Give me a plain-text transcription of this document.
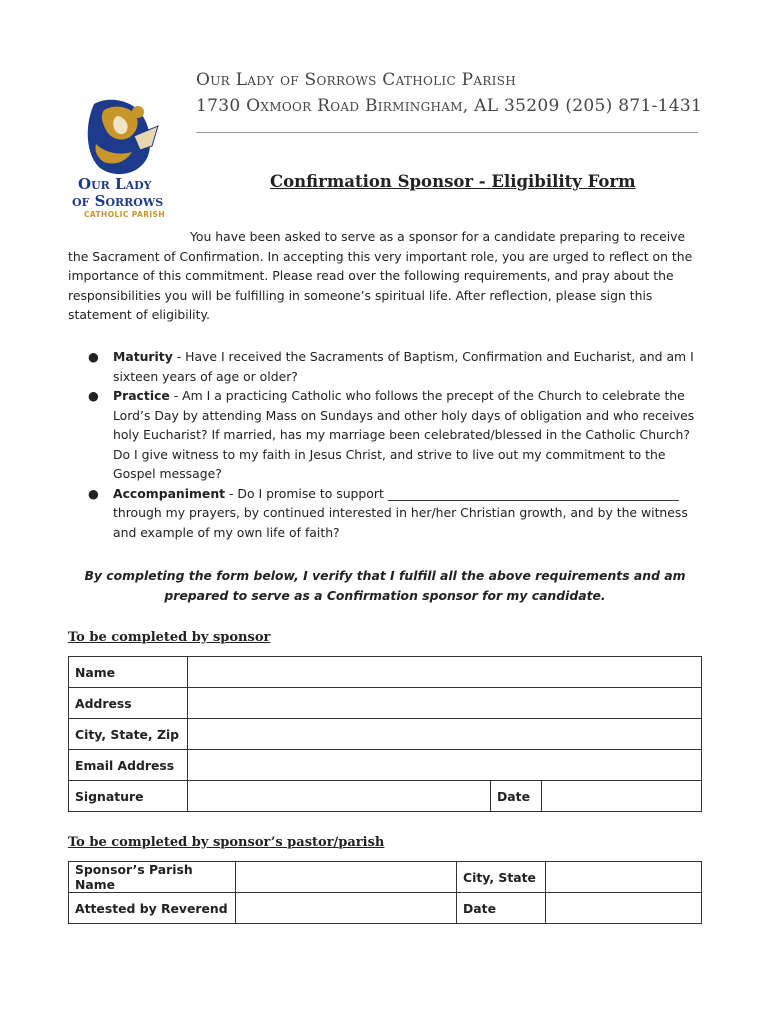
Our Lady of Sorrows Catholic Parish
1730 Oxmoor Road Birmingham, AL 35209 (205) 871-1431
Our Lady
of Sorrows
CATHOLIC PARISH
Confirmation Sponsor - Eligibility Form
You have been asked to serve as a sponsor for a candidate preparing to receive the Sacrament of Confirmation. In accepting this very important role, you are urged to reflect on the importance of this commitment. Please read over the following requirements, and pray about the responsibilities you will be fulfilling in someone’s spiritual life. After reflection, please sign this statement of eligibility.
● Maturity - Have I received the Sacraments of Baptism, Confirmation and Eucharist, and am I sixteen years of age or older?
● Practice - Am I a practicing Catholic who follows the precept of the Church to celebrate the Lord’s Day by attending Mass on Sundays and other holy days of obligation and who receives holy Eucharist? If married, has my marriage been celebrated/blessed in the Catholic Church? Do I give witness to my faith in Jesus Christ, and strive to live out my commitment to the Gospel message?
● Accompaniment - Do I promise to support _______________________________________________ through my prayers, by continued interested in her/her Christian growth, and by the witness and example of my own life of faith?
By completing the form below, I verify that I fulfill all the above requirements and am prepared to serve as a Confirmation sponsor for my candidate.
To be completed by sponsor
Name			
Address			
City, State, Zip			
Email Address			
Signature		Date	
To be completed by sponsor’s pastor/parish
Sponsor’s Parish Name		City, State	
Attested by Reverend		Date	
